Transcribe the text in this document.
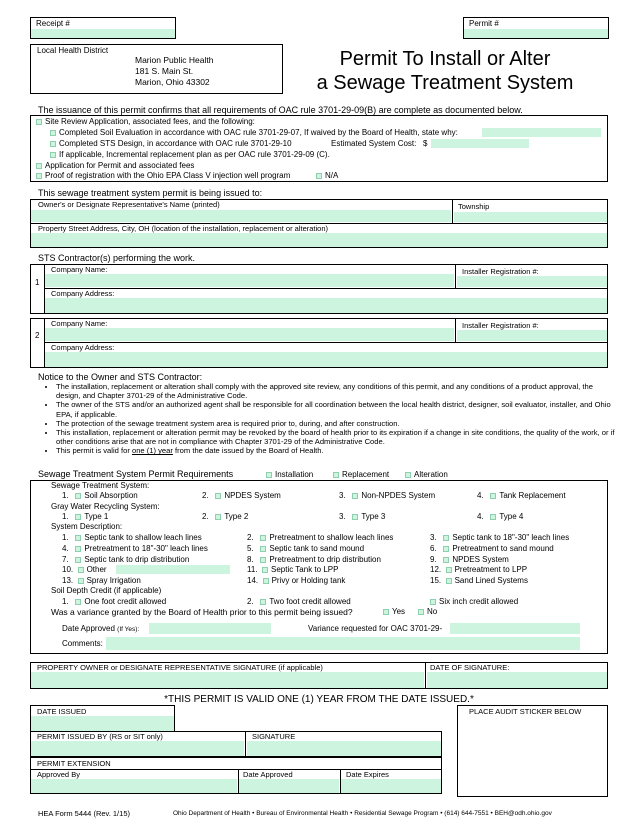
Receipt #	Permit #
Local Health District
Marion Public Health
181 S. Main St.
Marion, Ohio 43302
Permit To Install or Alter
a Sewage Treatment System
The issuance of this permit confirms that all requirements of OAC rule 3701-29-09(B) are complete as documented below.
Site Review Application, associated fees, and the following:
Completed Soil Evaluation in accordance with OAC rule 3701-29-07, If waived by the Board of Health, state why:
Completed STS Design, in accordance with OAC rule 3701-29-10	Estimated System Cost: $
If applicable, Incremental replacement plan as per OAC rule 3701-29-09 (C).
Application for Permit and associated fees
Proof of registration with the Ohio EPA Class V injection well program	N/A
This sewage treatment system permit is being issued to:
Owner's or Designate Representative's Name (printed)	Township
Property Street Address, City, OH (location of the installation, replacement or alteration)
STS Contractor(s) performing the work.
1
Company Name:	Installer Registration #:
Company Address:
2
Company Name:	Installer Registration #:
Company Address:
Notice to the Owner and STS Contractor:
• The installation, replacement or alteration shall comply with the approved site review, any conditions of this permit, and any conditions of a product approval, the design, and Chapter 3701-29 of the Administrative Code.
• The owner of the STS and/or an authorized agent shall be responsible for all coordination between the local health district, designer, soil evaluator, installer, and Ohio EPA, if applicable.
• The protection of the sewage treatment system area is required prior to, during, and after construction.
• This installation, replacement or alteration permit may be revoked by the board of health prior to its expiration if a change in site conditions, the quality of the work, or if other conditions arise that are not in compliance with Chapter 3701-29 of the Administrative Code.
• This permit is valid for one (1) year from the date issued by the Board of Health.
Sewage Treatment System Permit Requirements	Installation	Replacement	Alteration
Sewage Treatment System:
1. Soil Absorption	2. NPDES System	3. Non-NPDES System	4. Tank Replacement
Gray Water Recycling System:
1. Type 1	2. Type 2	3. Type 3	4. Type 4
System Description:
1. Septic tank to shallow leach lines	2. Pretreatment to shallow leach lines	3. Septic tank to 18"-30" leach lines
4. Pretreatment to 18"-30" leach lines	5. Septic tank to sand mound	6. Pretreatment to sand mound
7. Septic tank to drip distribution	8. Pretreatment to drip distribution	9. NPDES System
10. Other	11. Septic Tank to LPP	12. Pretreatment to LPP
13. Spray Irrigation	14. Privy or Holding tank	15. Sand Lined Systems
Soil Depth Credit (if applicable)
1. One foot credit allowed	2. Two foot credit allowed	Six inch credit allowed
Was a variance granted by the Board of Health prior to this permit being issued?	Yes	No
Date Approved (If Yes):	Variance requested for OAC 3701-29-
Comments:
PROPERTY OWNER or DESIGNATE REPRESENTATIVE SIGNATURE (if applicable)	DATE OF SIGNATURE:
*THIS PERMIT IS VALID ONE (1) YEAR FROM THE DATE ISSUED.*
DATE ISSUED
PERMIT ISSUED BY (RS or SIT only)	SIGNATURE
PERMIT EXTENSION
Approved By	Date Approved	Date Expires
PLACE AUDIT STICKER BELOW
HEA Form 5444 (Rev. 1/15)	Ohio Department of Health • Bureau of Environmental Health • Residential Sewage Program • (614) 644-7551 • BEH@odh.ohio.gov
